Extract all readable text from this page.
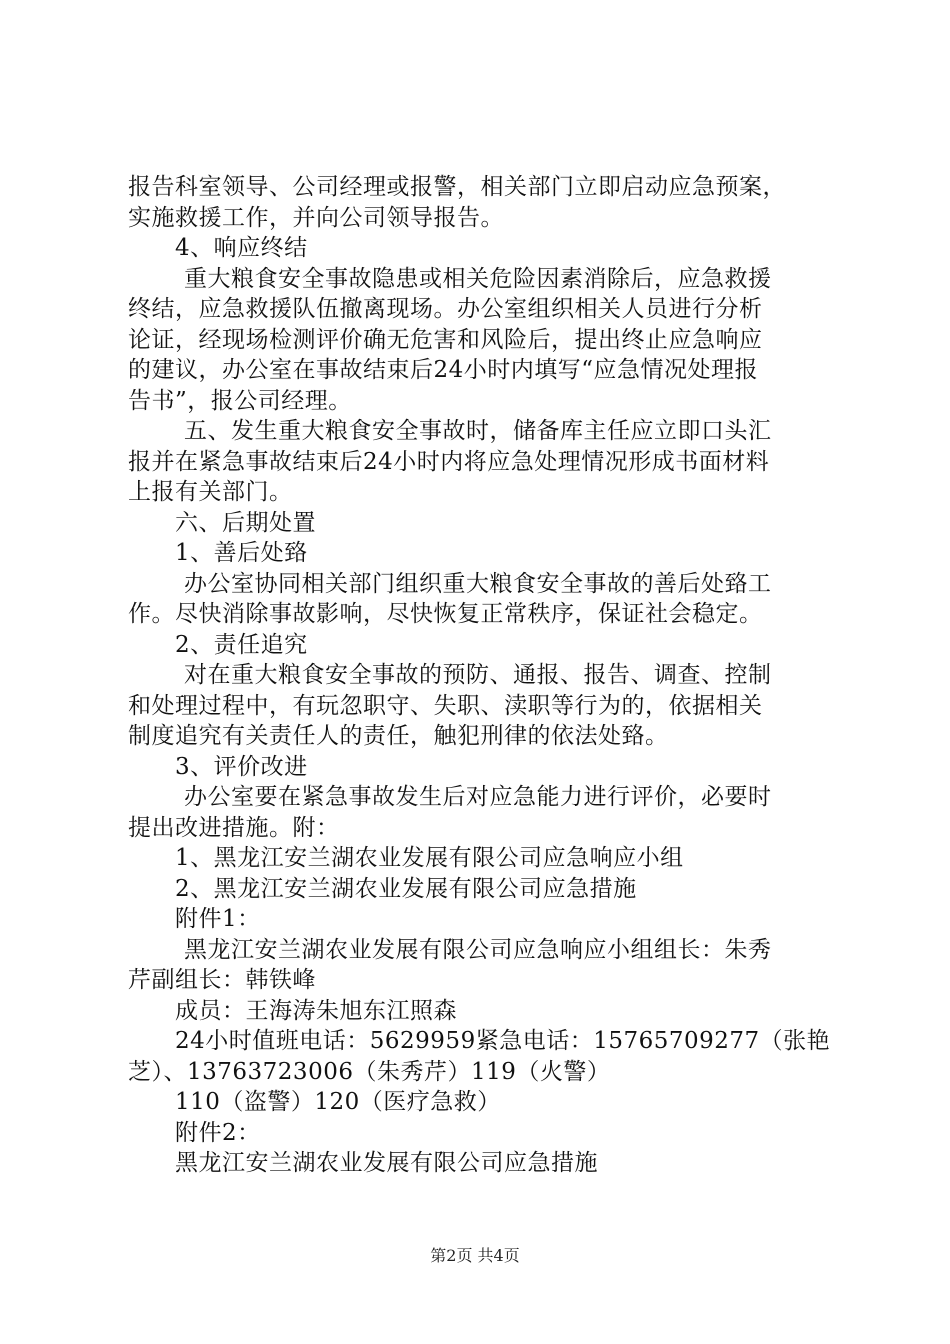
报告科室领导、公司经理或报警，相关部门立即启动应急预案，
实施救援工作，并向公司领导报告。
4、响应终结
重大粮食安全事故隐患或相关危险因素消除后，应急救援
终结，应急救援队伍撤离现场。办公室组织相关人员进行分析
论证，经现场检测评价确无危害和风险后，提出终止应急响应
的建议，办公室在事故结束后24小时内填写“应急情况处理报
告书”，报公司经理。
五、发生重大粮食安全事故时，储备库主任应立即口头汇
报并在紧急事故结束后24小时内将应急处理情况形成书面材料
上报有关部门。
六、后期处置
1、善后处臵
办公室协同相关部门组织重大粮食安全事故的善后处臵工
作。尽快消除事故影响，尽快恢复正常秩序，保证社会稳定。
2、责任追究
对在重大粮食安全事故的预防、通报、报告、调查、控制
和处理过程中，有玩忽职守、失职、渎职等行为的，依据相关
制度追究有关责任人的责任，触犯刑律的依法处臵。
3、评价改进
办公室要在紧急事故发生后对应急能力进行评价，必要时
提出改进措施。附：
1、黑龙江安兰湖农业发展有限公司应急响应小组
2、黑龙江安兰湖农业发展有限公司应急措施
附件1：
黑龙江安兰湖农业发展有限公司应急响应小组组长：朱秀
芹副组长：韩铁峰
成员：王海涛朱旭东江照森
24小时值班电话：5629959紧急电话：15765709277（张艳
芝）、13763723006（朱秀芹）119（火警）
110（盗警）120（医疗急救）
附件2：
黑龙江安兰湖农业发展有限公司应急措施
第2页 共4页
